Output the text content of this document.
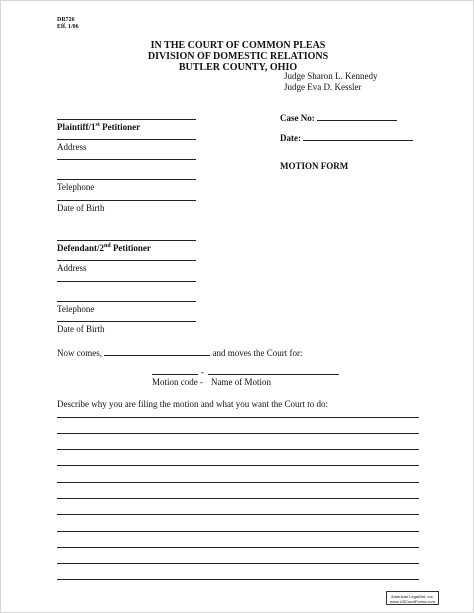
DR726
Eff. 1/06
IN THE COURT OF COMMON PLEAS
DIVISION OF DOMESTIC RELATIONS
BUTLER COUNTY, OHIO
Judge Sharon L. Kennedy
Judge Eva D. Kessler
Plaintiff/1st Petitioner
Address
Telephone
Date of Birth
Case No:
Date:
MOTION FORM
Defendant/2nd Petitioner
Address
Telephone
Date of Birth
Now comes,	and moves the Court for:
-
Motion code - Name of Motion
Describe why you are filing the motion and what you want the Court to do:
American LegalNet, Inc.
www.USCourtForms.com
